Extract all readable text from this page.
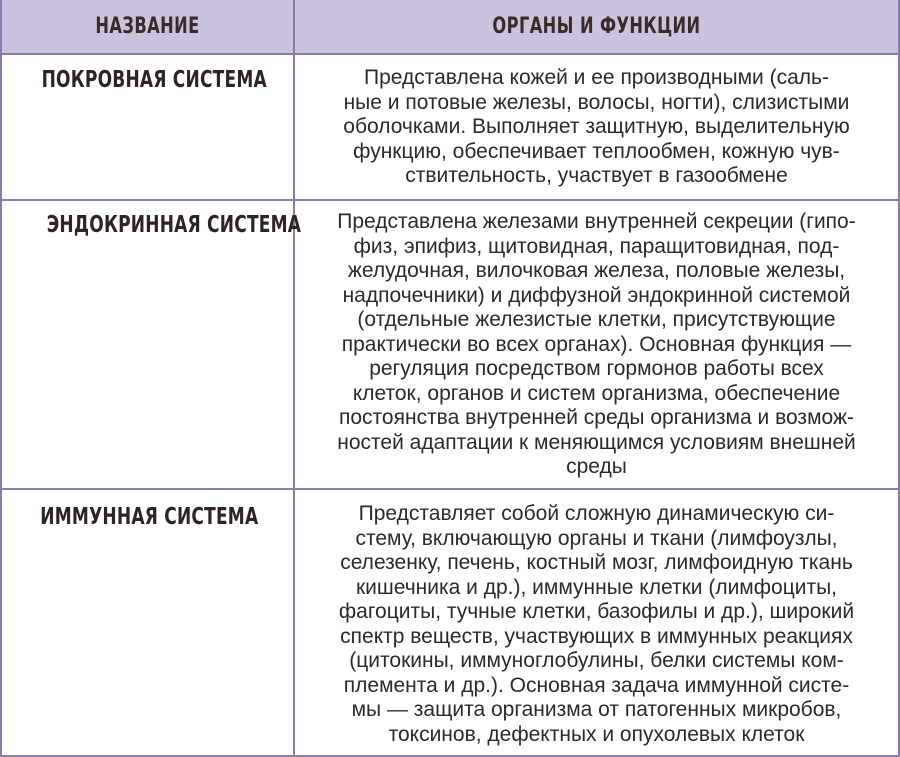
НАЗВАНИЕ	ОРГАНЫ И ФУНКЦИИ
ПОКРОВНАЯ СИСТЕМА	Представлена кожей и ее производными (саль-
ные и потовые железы, волосы, ногти), слизистыми
оболочками. Выполняет защитную, выделительную
функцию, обеспечивает теплообмен, кожную чув-
ствительность, участвует в газообмене
ЭНДОКРИННАЯ СИСТЕМА	Представлена железами внутренней секреции (гипо-
физ, эпифиз, щитовидная, паращитовидная, под-
желудочная, вилочковая железа, половые железы,
надпочечники) и диффузной эндокринной системой
(отдельные железистые клетки, присутствующие
практически во всех органах). Основная функция —
регуляция посредством гормонов работы всех
клеток, органов и систем организма, обеспечение
постоянства внутренней среды организма и возмож-
ностей адаптации к меняющимся условиям внешней
среды
ИММУННАЯ СИСТЕМА	Представляет собой сложную динамическую си-
стему, включающую органы и ткани (лимфоузлы,
селезенку, печень, костный мозг, лимфоидную ткань
кишечника и др.), иммунные клетки (лимфоциты,
фагоциты, тучные клетки, базофилы и др.), широкий
спектр веществ, участвующих в иммунных реакциях
(цитокины, иммуноглобулины, белки системы ком-
племента и др.). Основная задача иммунной систе-
мы — защита организма от патогенных микробов,
токсинов, дефектных и опухолевых клеток
